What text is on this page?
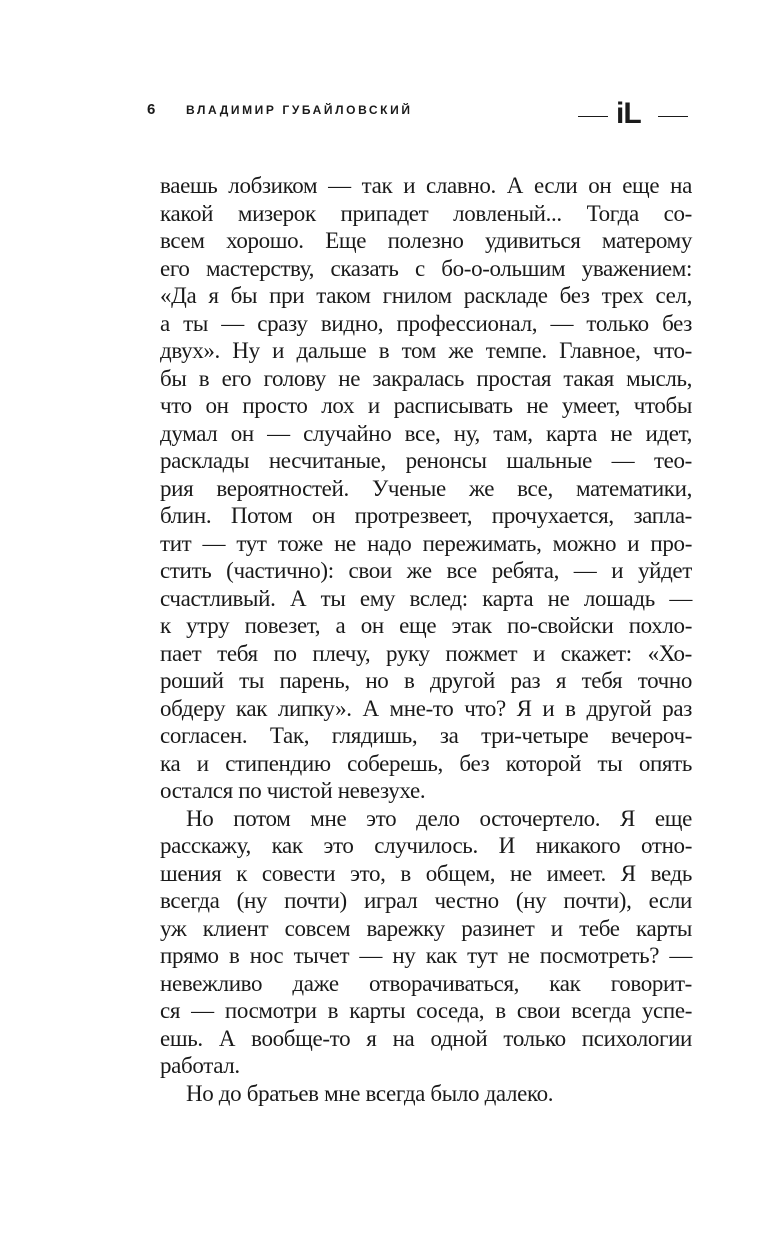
6	ВЛАДИМИР ГУБАЙЛОВСКИЙ	iL
ваешь лобзиком — так и славно. А если он еще на
какой мизерок припадет ловленый... Тогда со-
всем хорошо. Еще полезно удивиться матерому
его мастерству, сказать с бо-о-ольшим уважением:
«Да я бы при таком гнилом раскладе без трех сел,
а ты — сразу видно, профессионал, — только без
двух». Ну и дальше в том же темпе. Главное, что-
бы в его голову не закралась простая такая мысль,
что он просто лох и расписывать не умеет, чтобы
думал он — случайно все, ну, там, карта не идет,
расклады несчитаные, ренонсы шальные — тео-
рия вероятностей. Ученые же все, математики,
блин. Потом он протрезвеет, прочухается, запла-
тит — тут тоже не надо пережимать, можно и про-
стить (частично): свои же все ребята, — и уйдет
счастливый. А ты ему вслед: карта не лошадь —
к утру повезет, а он еще этак по-свойски похло-
пает тебя по плечу, руку пожмет и скажет: «Хо-
роший ты парень, но в другой раз я тебя точно
обдеру как липку». А мне-то что? Я и в другой раз
согласен. Так, глядишь, за три-четыре вечероч-
ка и стипендию соберешь, без которой ты опять
остался по чистой невезухе.
Но потом мне это дело осточертело. Я еще
расскажу, как это случилось. И никакого отно-
шения к совести это, в общем, не имеет. Я ведь
всегда (ну почти) играл честно (ну почти), если
уж клиент совсем варежку разинет и тебе карты
прямо в нос тычет — ну как тут не посмотреть? —
невежливо даже отворачиваться, как говорит-
ся — посмотри в карты соседа, в свои всегда успе-
ешь. А вообще-то я на одной только психологии
работал.
Но до братьев мне всегда было далеко.
